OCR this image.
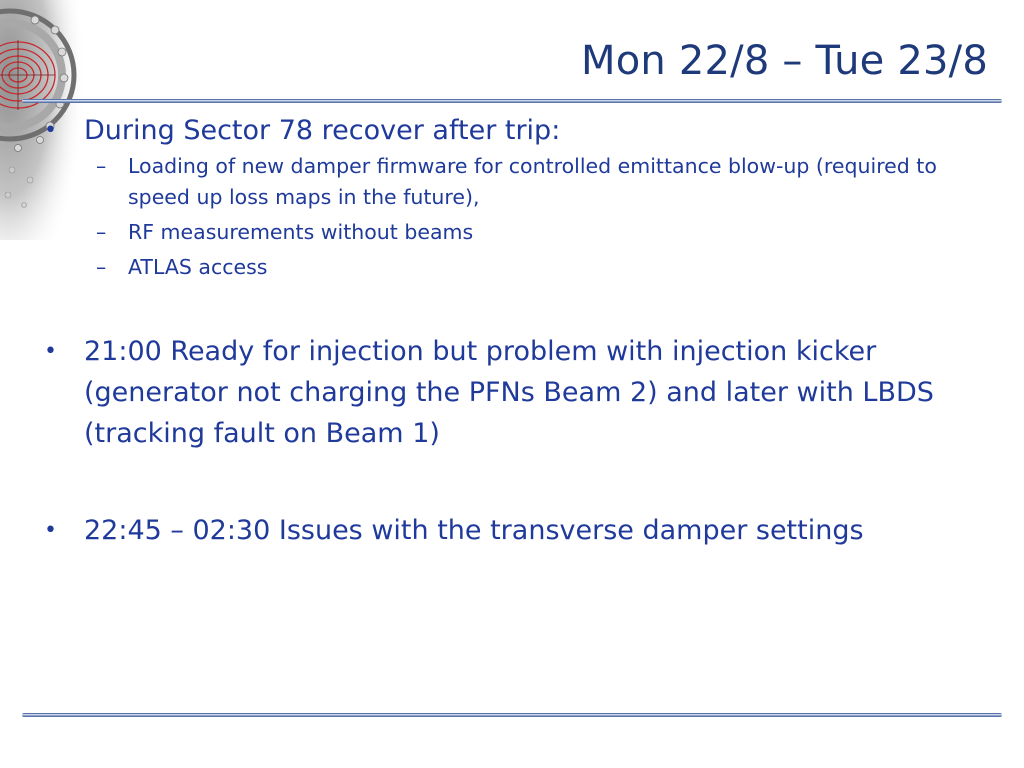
Mon 22/8 – Tue 23/8
• During Sector 78 recover after trip:
– Loading of new damper firmware for controlled emittance blow-up (required to speed up loss maps in the future),
– RF measurements without beams
– ATLAS access
• 21:00 Ready for injection but problem with injection kicker (generator not charging the PFNs Beam 2) and later with LBDS (tracking fault on Beam 1)
• 22:45 – 02:30 Issues with the transverse damper settings
